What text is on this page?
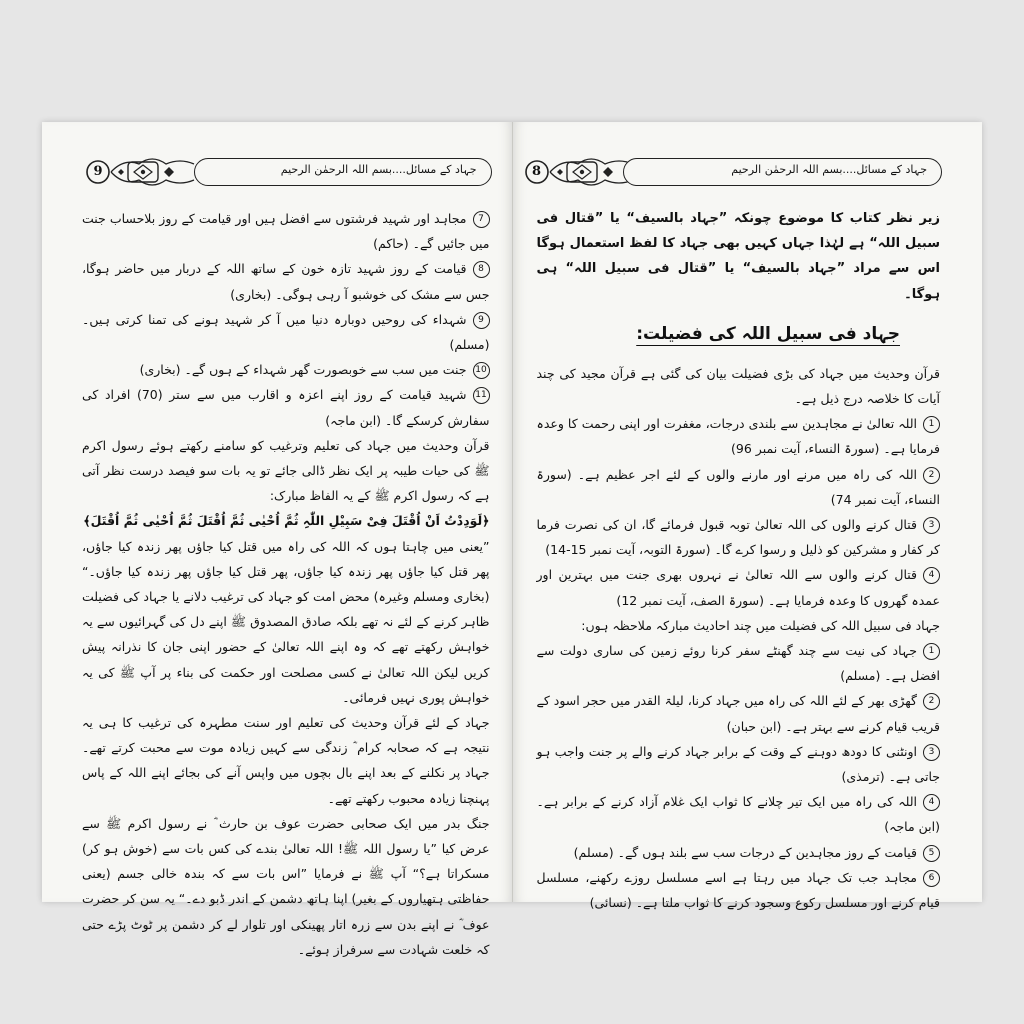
9	جہاد کے مسائل....بسم اللہ الرحمٰن الرحیم

7مجاہد اور شہید فرشتوں سے افضل ہیں اور قیامت کے روز بلاحساب جنت میں جائیں گے۔ (حاکم)

8قیامت کے روز شہید تازہ خون کے ساتھ اللہ کے دربار میں حاضر ہوگا، جس سے مشک کی خوشبو آ رہی ہوگی۔ (بخاری)

9شہداء کی روحیں دوبارہ دنیا میں آ کر شہید ہونے کی تمنا کرتی ہیں۔ (مسلم)

10جنت میں سب سے خوبصورت گھر شہداء کے ہوں گے۔ (بخاری)

11شہید قیامت کے روز اپنے اعزہ و اقارب میں سے ستر (70) افراد کی سفارش کرسکے گا۔ (ابن ماجہ)

قرآن وحدیث میں جہاد کی تعلیم وترغیب کو سامنے رکھتے ہوئے رسول اکرم ﷺ کی حیات طیبہ پر ایک نظر ڈالی جائے تو یہ بات سو فیصد درست نظر آتی ہے کہ رسول اکرم ﷺ کے یہ الفاظ مبارک:

﴿لَوَدِدْتُ اَنْ اُقْتَلَ فِیْ سَبِیْلِ اللّٰہِ ثُمَّ اُحْیٰی ثُمَّ اُقْتَلَ ثُمَّ اُحْیٰی ثُمَّ اُقْتَلَ﴾

”یعنی میں چاہتا ہوں کہ اللہ کی راہ میں قتل کیا جاؤں پھر زندہ کیا جاؤں، پھر قتل کیا جاؤں پھر زندہ کیا جاؤں، پھر قتل کیا جاؤں پھر زندہ کیا جاؤں۔“ (بخاری ومسلم وغیرہ) محض امت کو جہاد کی ترغیب دلانے یا جہاد کی فضیلت ظاہر کرنے کے لئے نہ تھے بلکہ صادق المصدوق ﷺ اپنے دل کی گہرائیوں سے یہ خواہش رکھتے تھے کہ وہ اپنے اللہ تعالیٰ کے حضور اپنی جان کا نذرانہ پیش کریں لیکن اللہ تعالیٰ نے کسی مصلحت اور حکمت کی بناء پر آپ ﷺ کی یہ خواہش پوری نہیں فرمائی۔

جہاد کے لئے قرآن وحدیث کی تعلیم اور سنت مطہرہ کی ترغیب کا ہی یہ نتیجہ ہے کہ صحابہ کرام ؓ زندگی سے کہیں زیادہ موت سے محبت کرتے تھے۔ جہاد پر نکلنے کے بعد اپنے بال بچوں میں واپس آنے کی بجائے اپنے اللہ کے پاس پہنچنا زیادہ محبوب رکھتے تھے۔

جنگ بدر میں ایک صحابی حضرت عوف بن حارث ؓ نے رسول اکرم ﷺ سے عرض کیا ”یا رسول اللہ ﷺ! اللہ تعالیٰ بندے کی کس بات سے (خوش ہو کر) مسکراتا ہے؟“ آپ ﷺ نے فرمایا ”اس بات سے کہ بندہ خالی جسم (یعنی حفاظتی ہتھیاروں کے بغیر) اپنا ہاتھ دشمن کے اندر ڈبو دے۔“ یہ سن کر حضرت عوف ؓ نے اپنے بدن سے زرہ اتار پھینکی اور تلوار لے کر دشمن پر ٹوٹ پڑے حتی کہ خلعت شہادت سے سرفراز ہوئے۔

8	جہاد کے مسائل....بسم اللہ الرحمٰن الرحیم

زیر نظر کتاب کا موضوع چونکہ ”جہاد بالسیف“ یا ”قتال فی سبیل اللہ“ ہے لہٰذا جہاں کہیں بھی جہاد کا لفظ استعمال ہوگا اس سے مراد ”جہاد بالسیف“ یا ”قتال فی سبیل اللہ“ ہی ہوگا۔

جہاد فی سبیل اللہ کی فضیلت:

قرآن وحدیث میں جہاد کی بڑی فضیلت بیان کی گئی ہے قرآن مجید کی چند آیات کا خلاصہ درج ذیل ہے۔

1اللہ تعالیٰ نے مجاہدین سے بلندی درجات، مغفرت اور اپنی رحمت کا وعدہ فرمایا ہے۔ (سورۃ النساء، آیت نمبر 96)

2اللہ کی راہ میں مرنے اور مارنے والوں کے لئے اجر عظیم ہے۔ (سورۃ النساء، آیت نمبر 74)

3قتال کرنے والوں کی اللہ تعالیٰ توبہ قبول فرمائے گا، ان کی نصرت فرما کر کفار و مشرکین کو ذلیل و رسوا کرے گا۔ (سورۃ التوبہ، آیت نمبر 15-14)

4قتال کرنے والوں سے اللہ تعالیٰ نے نہروں بھری جنت میں بہترین اور عمدہ گھروں کا وعدہ فرمایا ہے۔ (سورۃ الصف، آیت نمبر 12)

جہاد فی سبیل اللہ کی فضیلت میں چند احادیث مبارکہ ملاحظہ ہوں:

1جہاد کی نیت سے چند گھنٹے سفر کرنا روئے زمین کی ساری دولت سے افضل ہے۔ (مسلم)

2گھڑی بھر کے لئے اللہ کی راہ میں جہاد کرنا، لیلۃ القدر میں حجر اسود کے قریب قیام کرنے سے بہتر ہے۔ (ابن حبان)

3اونٹنی کا دودھ دوہنے کے وقت کے برابر جہاد کرنے والے پر جنت واجب ہو جاتی ہے۔ (ترمذی)

4اللہ کی راہ میں ایک تیر چلانے کا ثواب ایک غلام آزاد کرنے کے برابر ہے۔ (ابن ماجہ)

5قیامت کے روز مجاہدین کے درجات سب سے بلند ہوں گے۔ (مسلم)

6مجاہد جب تک جہاد میں رہتا ہے اسے مسلسل روزے رکھنے، مسلسل قیام کرنے اور مسلسل رکوع وسجود کرنے کا ثواب ملتا ہے۔ (نسائی)
